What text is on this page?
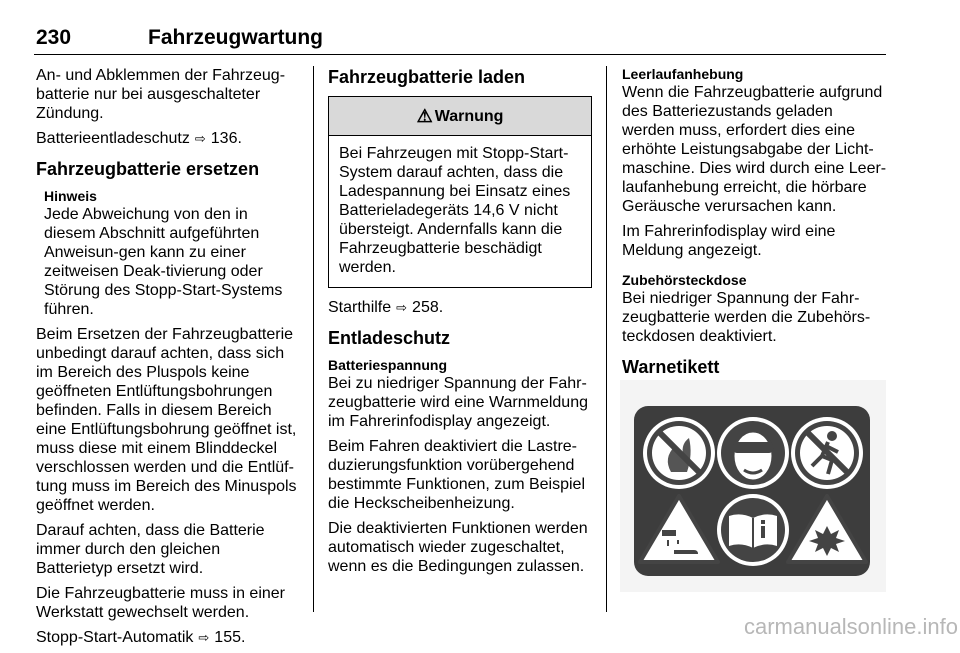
230	Fahrzeugwartung

An- und Abklemmen der Fahrzeug-batterie nur bei ausgeschalteter Zündung.

Batterieentladeschutz ⇨ 136.

Fahrzeugbatterie ersetzen
Hinweis
Jede Abweichung von den in diesem Abschnitt aufgeführten Anweisun-gen kann zu einer zeitweisen Deak-tivierung oder Störung des Stopp-Start-Systems führen.

Beim Ersetzen der Fahrzeugbatterie unbedingt darauf achten, dass sich im Bereich des Pluspols keine geöffneten Entlüftungsbohrungen befinden. Falls in diesem Bereich eine Entlüftungsbohrung geöffnet ist, muss diese mit einem Blinddeckel verschlossen werden und die Entlüf-tung muss im Bereich des Minuspols geöffnet werden.

Darauf achten, dass die Batterie immer durch den gleichen Batterietyp ersetzt wird.

Die Fahrzeugbatterie muss in einer Werkstatt gewechselt werden.

Stopp-Start-Automatik ⇨ 155.

Fahrzeugbatterie laden
⚠ Warnung
Bei Fahrzeugen mit Stopp-Start-System darauf achten, dass die Ladespannung bei Einsatz eines Batterieladegeräts 14,6 V nicht übersteigt. Andernfalls kann die Fahrzeugbatterie beschädigt werden.

Starthilfe ⇨ 258.

Entladeschutz
Batteriespannung

Bei zu niedriger Spannung der Fahr-zeugbatterie wird eine Warnmeldung im Fahrerinfodisplay angezeigt.

Beim Fahren deaktiviert die Lastre-duzierungsfunktion vorübergehend bestimmte Funktionen, zum Beispiel die Heckscheibenheizung.

Die deaktivierten Funktionen werden automatisch wieder zugeschaltet, wenn es die Bedingungen zulassen.

Leerlaufanhebung

Wenn die Fahrzeugbatterie aufgrund des Batteriezustands geladen werden muss, erfordert dies eine erhöhte Leistungsabgabe der Licht-maschine. Dies wird durch eine Leer-laufanhebung erreicht, die hörbare Geräusche verursachen kann.

Im Fahrerinfodisplay wird eine Meldung angezeigt.

Zubehörsteckdose

Bei niedriger Spannung der Fahr-zeugbatterie werden die Zubehörs-teckdosen deaktiviert.

Warnetikett
carmanualsonline.info
